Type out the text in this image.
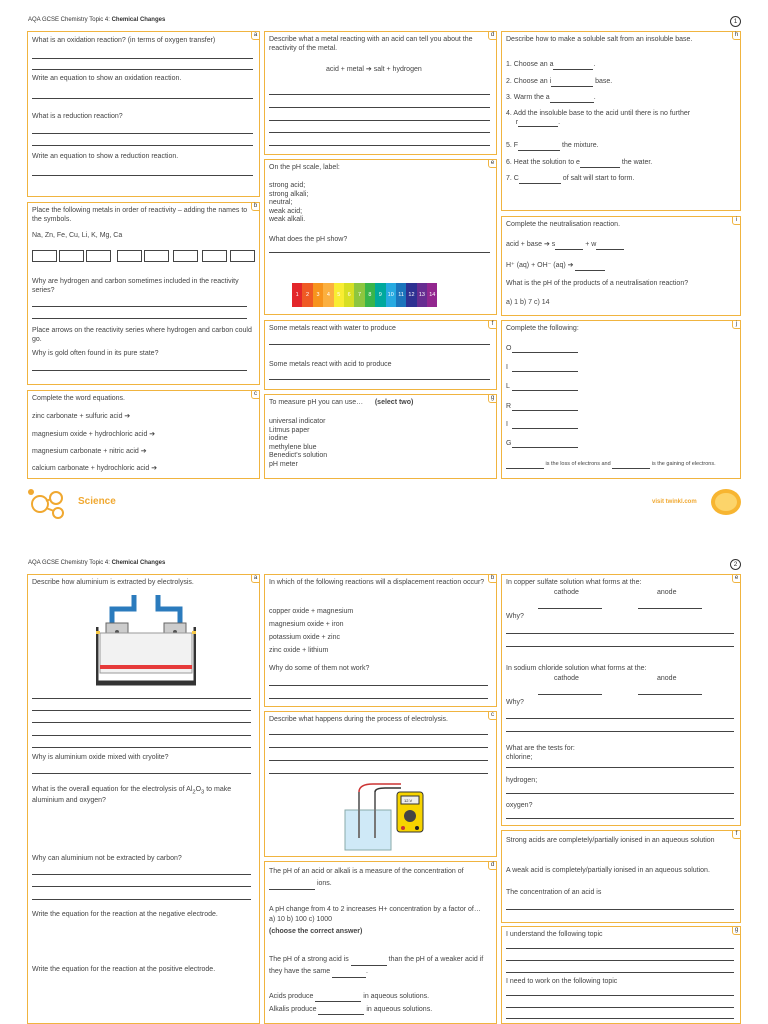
AQA GCSE Chemistry Topic 4: Chemical Changes	1
a
What is an oxidation reaction? (in terms of oxygen transfer)
Write an equation to show an oxidation reaction.
What is a reduction reaction?
Write an equation to show a reduction reaction.
b
Place the following metals in order of reactivity – adding the names to the symbols.
Na, Zn, Fe, Cu, Li, K, Mg, Ca
Why are hydrogen and carbon sometimes included in the reactivity series?
Place arrows on the reactivity series where hydrogen and carbon could go.
Why is gold often found in its pure state?
c
Complete the word equations.
zinc carbonate + sulfuric acid ➔
magnesium oxide + hydrochloric acid ➔
magnesium carbonate + nitric acid ➔
calcium carbonate + hydrochloric acid ➔
d
Describe what a metal reacting with an acid can tell you about the reactivity of the metal.
acid + metal ➔ salt + hydrogen
e
On the pH scale, label:
strong acid;
strong alkali;
neutral;
weak acid;
weak alkali.
What does the pH show?
1	2	3	4	5	6	7	8	9	10 11 12 13 14
f
Some metals react with water to produce
Some metals react with acid to produce
g
To measure pH you can use… (select two)
universal indicator
Litmus paper
iodine
methylene blue
Benedict's solution
pH meter
h
Describe how to make a soluble salt from an insoluble base.
1. Choose an a	.
2. Choose an i	base.
3. Warm the a	.
4. Add the insoluble base to the acid until there is no further
r	.
5. F	the mixture.
6. Heat the solution to e	the water.
7. C	of salt will start to form.
i
Complete the neutralisation reaction.
acid + base ➔ s	+ w
H⁺ (aq) + OH⁻ (aq) ➔
What is the pH of the products of a neutralisation reaction?
a) 1 b) 7 c) 14
j
Complete the following:
O
I
L
R
I
G
is the loss of electrons and	is the gaining of electrons.
Science	visit twinkl.com
AQA GCSE Chemistry Topic 4: Chemical Changes	2
a
Describe how aluminium is extracted by electrolysis.
Why is aluminium oxide mixed with cryolite?
What is the overall equation for the electrolysis of $Al_2O_3$ to make aluminium and oxygen?
Why can aluminium not be extracted by carbon?
Write the equation for the reaction at the negative electrode.
Write the equation for the reaction at the positive electrode.
b
In which of the following reactions will a displacement reaction occur?
copper oxide + magnesium
magnesium oxide + iron
potassium oxide + zinc
zinc oxide + lithium
Why do some of them not work?
c
Describe what happens during the process of electrolysis.
12.V
d
The pH of an acid or alkali is a measure of the concentration of  ions.
A pH change from 4 to 2 increases H+ concentration by a factor of…
a) 10 b) 100 c) 1000
(choose the correct answer)
The pH of a strong acid is	than the pH of a weaker acid if they have the same	.
Acids produce	in aqueous solutions.
Alkalis produce	in aqueous solutions.
e
In copper sulfate solution what forms at the:
cathode	anode
Why?
In sodium chloride solution what forms at the:
cathode	anode
Why?
What are the tests for:
chlorine;
hydrogen;
oxygen?
f
Strong acids are completely/partially ionised in an aqueous solution
A weak acid is completely/partially ionised in an aqueous solution.
The concentration of an acid is
g
I understand the following topic
I need to work on the following topic
